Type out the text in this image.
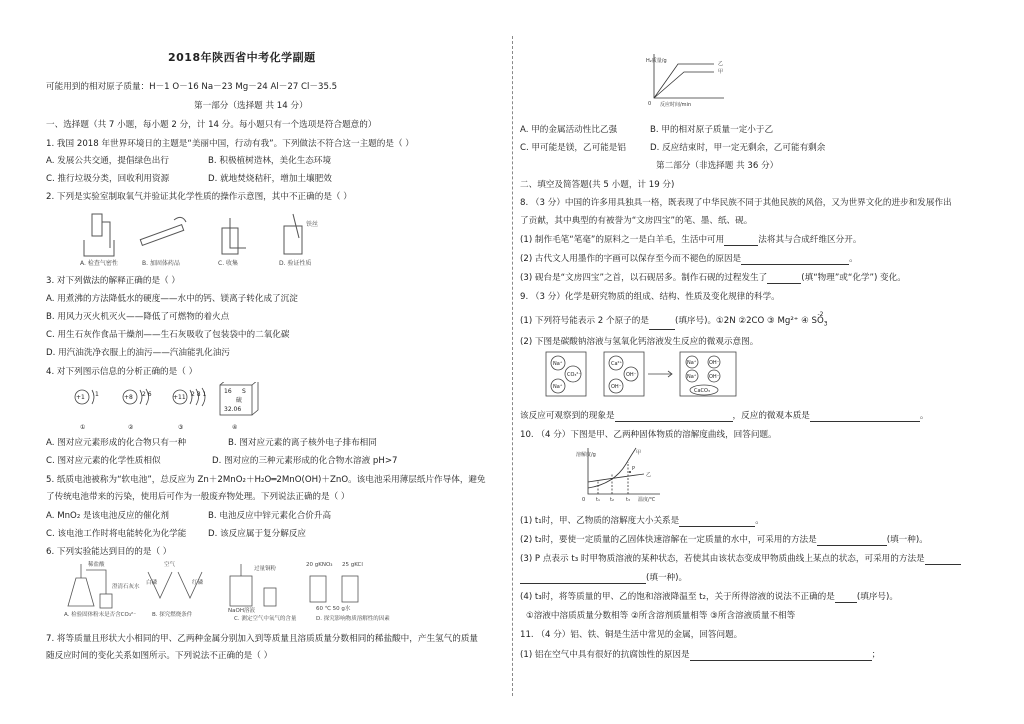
2018年陕西省中考化学副题
可能用到的相对原子质量：H－1 O－16 Na－23 Mg－24 Al－27 Cl－35.5
第一部分（选择题 共 14 分）
一、选择题（共 7 小题，每小题 2 分，计 14 分。每小题只有一个选项是符合题意的）
1. 我国 2018 年世界环境日的主题是“美丽中国，行动有我”。下列做法不符合这一主题的是（ ）
A. 发展公共交通，提倡绿色出行	B. 积极植树造林，美化生态环境
C. 推行垃圾分类，回收利用资源	D. 就地焚烧秸秆，增加土壤肥效
2. 下列是实验室制取氧气并验证其化学性质的操作示意图，其中不正确的是（ ）
铁丝
A. 检查气密性	B. 加固体药品	C. 收集	D. 验证性质
3. 对下列做法的解释正确的是（ ）
A. 用煮沸的方法降低水的硬度——水中的钙、镁离子转化成了沉淀
B. 用风力灭火机灭火——降低了可燃物的着火点
C. 用生石灰作食品干燥剂——生石灰吸收了包装袋中的二氧化碳
D. 用汽油洗净衣服上的油污——汽油能乳化油污
4. 对下列图示信息的分析正确的是（ ）
+1	+8	+11
1	2 6	2 8 1	16 S
硫
32.06
①	②	③	④
A. 图对应元素形成的化合物只有一种	B. 图对应元素的离子核外电子排布相同
C. 图对应元素的化学性质相似	D. 图对应的三种元素形成的化合物水溶液 pH>7
5. 纸质电池被称为“软电池”，总反应为 Zn＋2MnO₂＋H₂O═2MnO(OH)＋ZnO。该电池采用薄层纸片作导体，避免
了传统电池带来的污染，使用后可作为一般废弃物处理。下列说法正确的是（ ）
A. MnO₂ 是该电池反应的催化剂	B. 电池反应中锌元素化合价升高
C. 该电池工作时将电能转化为化学能	D. 该反应属于复分解反应
6. 下列实验能达到目的的是（ ）
稀盐酸
澄清石灰水
空气
白磷	红磷
过量铜粉
NaOH溶液
20 gKNO₃ 25 gKCl
60 ℃ 50 g水
A. 检验固体粉末是否含CO₃²⁻	B. 探究燃烧条件
C. 测定空气中氧气的含量	D. 探究影响物质溶解性的因素
7. 将等质量且形状大小相同的甲、乙两种金属分别加入到等质量且溶质质量分数相同的稀盐酸中，产生氢气的质量
随反应时间的变化关系如图所示。下列说法不正确的是（ ）
H₂质量/g
0 反应时间/min
乙
甲
A. 甲的金属活动性比乙强	B. 甲的相对原子质量一定小于乙
C. 甲可能是镁，乙可能是铝	D. 反应结束时，甲一定无剩余，乙可能有剩余
第二部分（非选择题 共 36 分）
二、填空及简答题(共 5 小题，计 19 分)
8. （3 分）中国的许多用具独具一格，既表现了中华民族不同于其他民族的风俗，又为世界文化的进步和发展作出
了贡献，其中典型的有被誉为“文房四宝”的笔、墨、纸、砚。
(1) 制作毛笔“笔毫”的原料之一是白羊毛，生活中可用	法将其与合成纤维区分开。
(2) 古代文人用墨作的字画可以保存至今而不褪色的原因是	。
(3) 砚台是“文房四宝”之首，以石砚居多。制作石砚的过程发生了	(填“物理”或“化学”) 变化。
9. （3 分）化学是研究物质的组成、结构、性质及变化规律的科学。
(1) 下列符号能表示 2 个原子的是	(填序号)。①2N ②2CO ③ Mg²⁺ ④ $SO_3$
-2
(2) 下图是碳酸钠溶液与氢氧化钙溶液发生反应的微观示意图。
Na⁺
CO₃²⁻
Na⁺
Ca²⁺
OH⁻
OH⁻
Na⁺	OH⁻
Na⁺	OH⁻
CaCO₃
该反应可观察到的现象是	，反应的微观本质是	。
10. （4 分）下图是甲、乙两种固体物质的溶解度曲线，回答问题。
溶解度/g
0 t₁ t₂ t₃ 温度/℃
甲
乙
P
(1) t₁时，甲、乙物质的溶解度大小关系是	。
(2) t₂时，要使一定质量的乙固体快速溶解在一定质量的水中，可采用的方法是	(填一种)。
(3) P 点表示 t₃ 时甲物质溶液的某种状态，若使其由该状态变成甲物质曲线上某点的状态，可采用的方法是
(填一种)。
(4) t₃时，将等质量的甲、乙的饱和溶液降温至 t₂，关于所得溶液的说法不正确的是	(填序号)。
①溶液中溶质质量分数相等 ②所含溶剂质量相等 ③所含溶液质量不相等
11. （4 分）铝、铁、铜是生活中常见的金属，回答问题。
(1) 铝在空气中具有很好的抗腐蚀性的原因是	；
